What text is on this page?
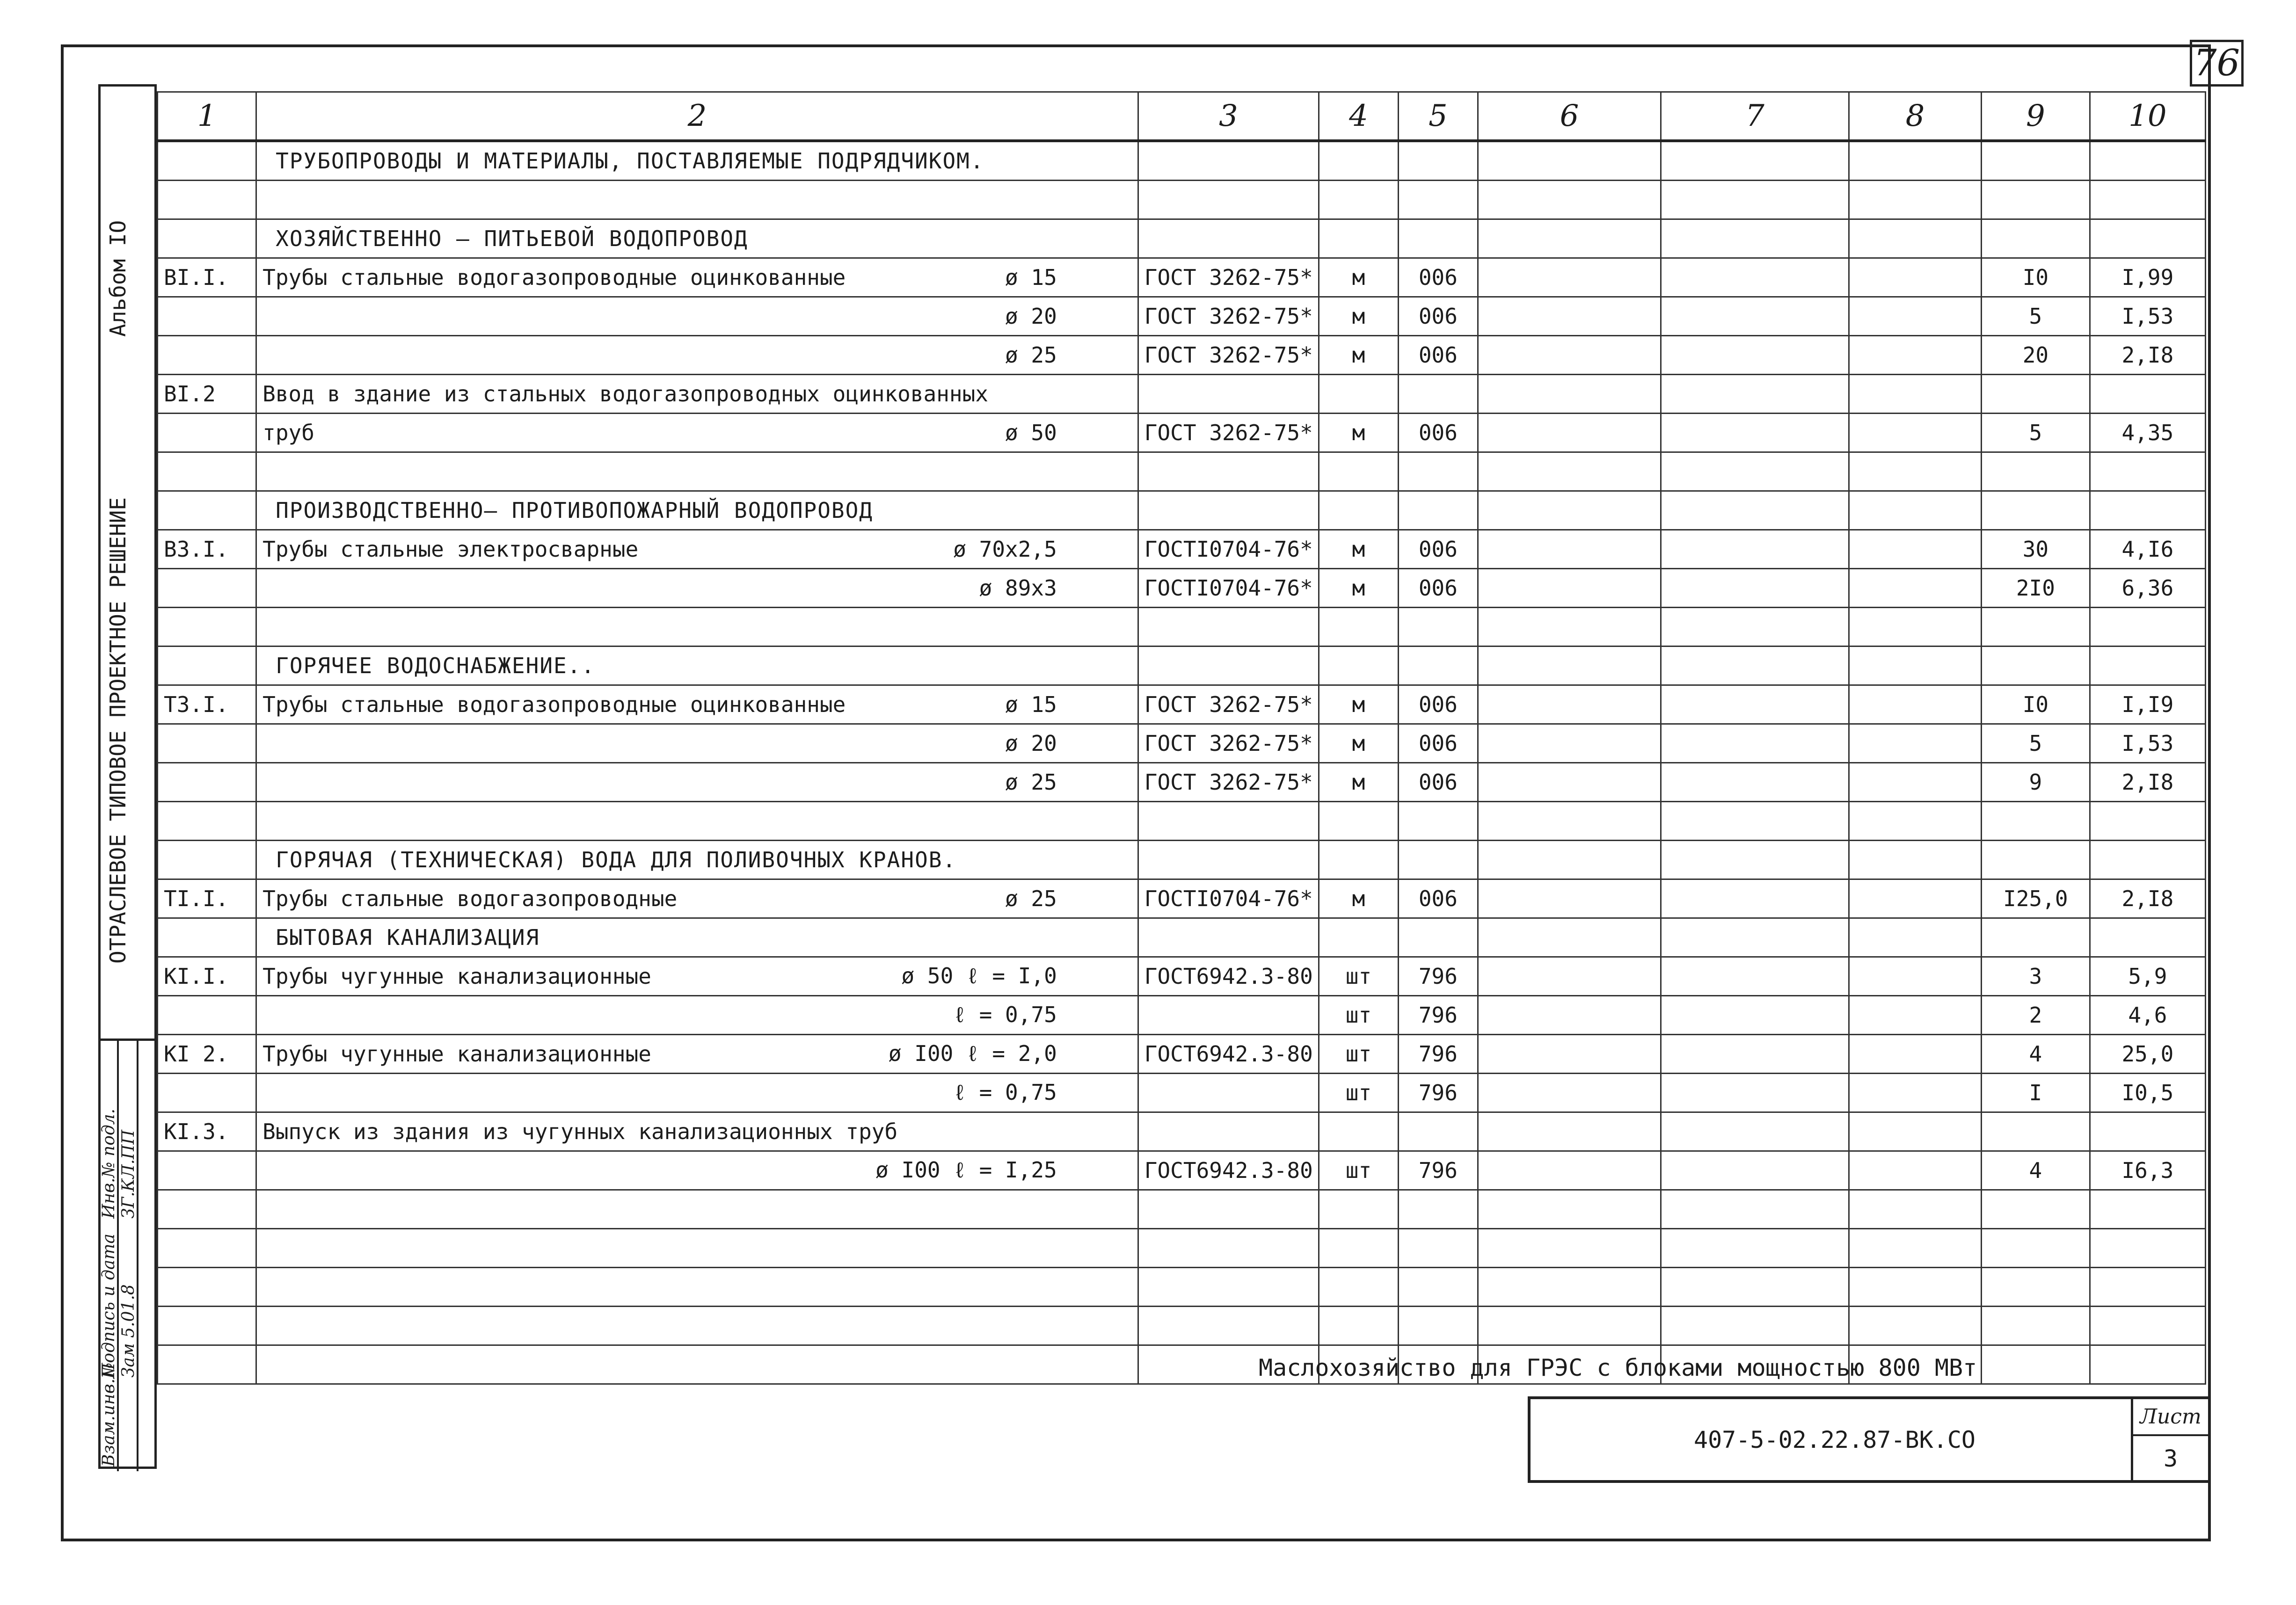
76
Альбом IO
ОТРАСЛЕВОЕ ТИПОВОЕ ПРОЕКТНОЕ РЕШЕНИЕ
Инв.№ подл.
Подпись и дата
Взам.инв.№
ЗГ.КЛ.ПП
Зам 5.01.8
1	2	3	4	5	6	7	8	9	10

	ТРУБОПРОВОДЫ И МАТЕРИАЛЫ, ПОСТАВЛЯЕМЫЕ ПОДРЯДЧИКОМ.								

	ХОЗЯЙСТВЕННО – ПИТЬЕВОЙ ВОДОПРОВОД								

BI.I.	Трубы стальные водогазопроводные оцинкованные ø 15	ГОСТ 3262-75*	м	006				I0	I,99

	ø 20	ГОСТ 3262-75*	м	006				5	I,53

	ø 25	ГОСТ 3262-75*	м	006				20	2,I8
BI.2	Ввод в здание из стальных водогазопроводных оцинкованных								

	труб ø 50	ГОСТ 3262-75*	м	006				5	4,35

	ПРОИЗВОДСТВЕННО– ПРОТИВОПОЖАРНЫЙ ВОДОПРОВОД								

B3.I.	Трубы стальные электросварные ø 70х2,5	ГОСТI0704-76*	м	006				30	4,I6

	ø 89х3	ГОСТI0704-76*	м	006				2I0	6,36

	ГОРЯЧЕЕ ВОДОСНАБЖЕНИЕ..								

T3.I.	Трубы стальные водогазопроводные оцинкованные ø 15	ГОСТ 3262-75*	м	006				I0	I,I9

	ø 20	ГОСТ 3262-75*	м	006				5	I,53

	ø 25	ГОСТ 3262-75*	м	006				9	2,I8

	ГОРЯЧАЯ (ТЕХНИЧЕСКАЯ) ВОДА ДЛЯ ПОЛИВОЧНЫХ КРАНОВ.								

TI.I.	Трубы стальные водогазопроводные ø 25	ГОСТI0704-76*	м	006				I25,0	2,I8

	БЫТОВАЯ КАНАЛИЗАЦИЯ								

KI.I.	Трубы чугунные канализационные ø 50 ℓ = I,0	ГОСТ6942.3-80	шт	796				3	5,9

	ℓ = 0,75		шт	796				2	4,6
KI 2.	Трубы чугунные канализационные ø I00 ℓ = 2,0	ГОСТ6942.3-80	шт	796				4	25,0

	ℓ = 0,75		шт	796				I	I0,5
KI.3.	Выпуск из здания из чугунных канализационных труб								

	ø I00 ℓ = I,25	ГОСТ6942.3-80	шт	796				4	I6,3

Маслохозяйство для ГРЭС с блоками мощностью 800 МВт
407-5-02.22.87-ВК.СО
Лист
3
